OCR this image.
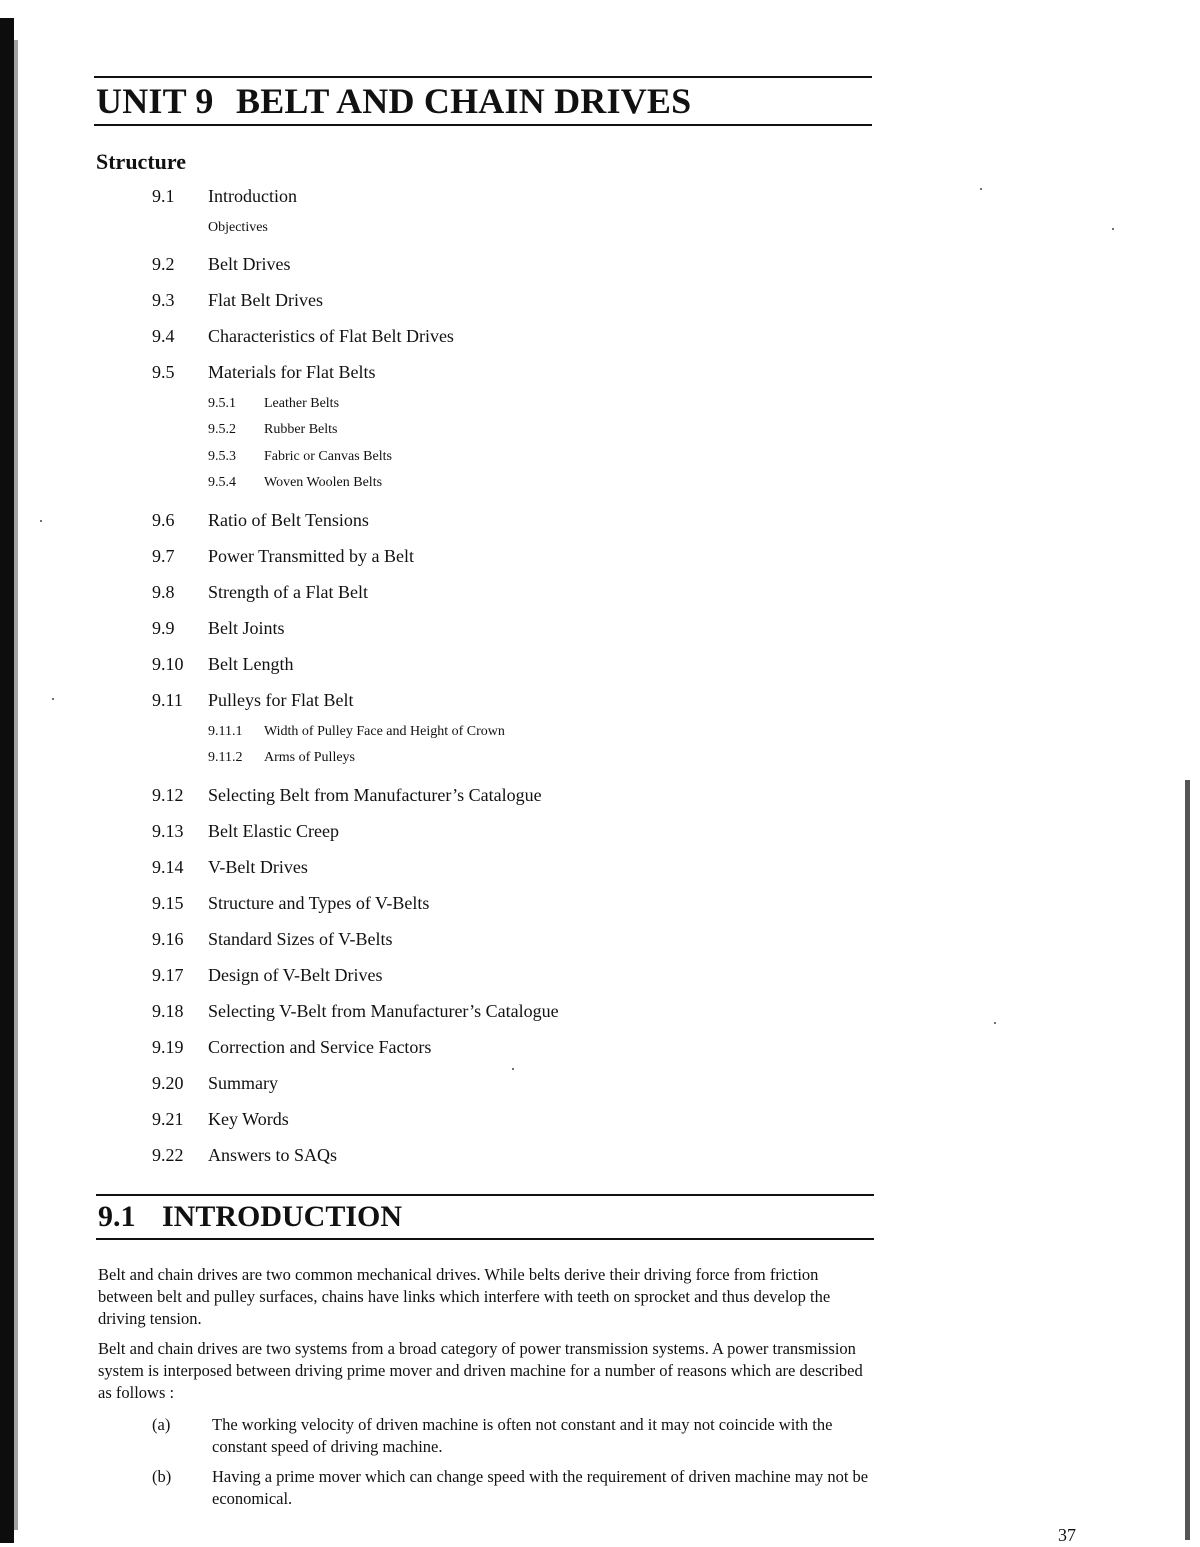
UNIT 9 BELT AND CHAIN DRIVES
Structure
9.1 Introduction
Objectives
9.2 Belt Drives
9.3 Flat Belt Drives
9.4 Characteristics of Flat Belt Drives
9.5 Materials for Flat Belts
9.5.1 Leather Belts
9.5.2 Rubber Belts
9.5.3 Fabric or Canvas Belts
9.5.4 Woven Woolen Belts
9.6 Ratio of Belt Tensions
9.7 Power Transmitted by a Belt
9.8 Strength of a Flat Belt
9.9 Belt Joints
9.10 Belt Length
9.11 Pulleys for Flat Belt
9.11.1 Width of Pulley Face and Height of Crown
9.11.2 Arms of Pulleys
9.12 Selecting Belt from Manufacturer’s Catalogue
9.13 Belt Elastic Creep
9.14 V-Belt Drives
9.15 Structure and Types of V-Belts
9.16 Standard Sizes of V-Belts
9.17 Design of V-Belt Drives
9.18 Selecting V-Belt from Manufacturer’s Catalogue
9.19 Correction and Service Factors
9.20 Summary
9.21 Key Words
9.22 Answers to SAQs
9.1 INTRODUCTION

Belt and chain drives are two common mechanical drives. While belts derive their driving force from friction between belt and pulley surfaces, chains have links which interfere with teeth on sprocket and thus develop the driving tension.

Belt and chain drives are two systems from a broad category of power transmission systems. A power transmission system is interposed between driving prime mover and driven machine for a number of reasons which are described as follows :

(a)	The working velocity of driven machine is often not constant and it may not coincide with the constant speed of driving machine.
(b) Having a prime mover which can change speed with the requirement of driven machine may not be economical.
37
